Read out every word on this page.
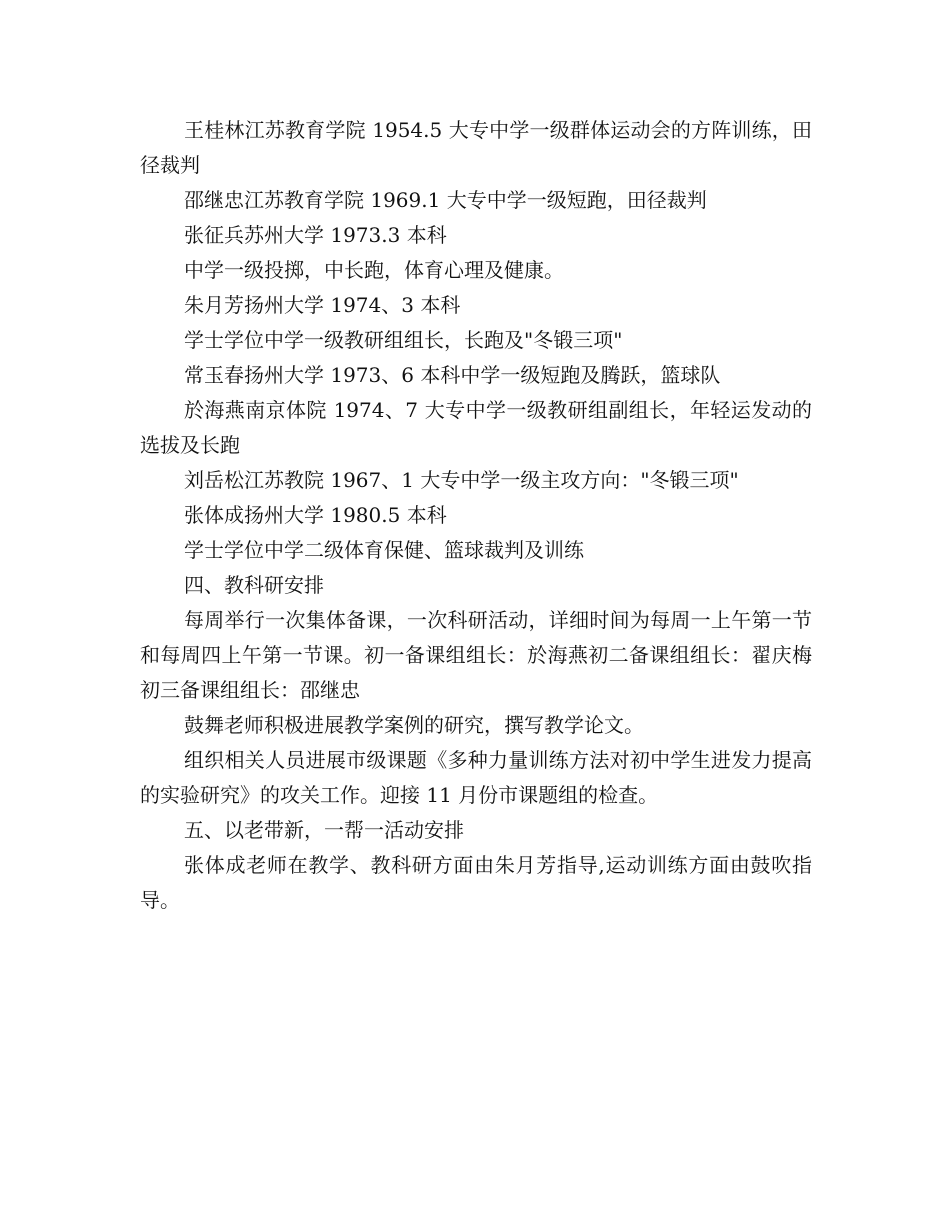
王桂林江苏教育学院 1954.5 大专中学一级群体运动会的方阵训练，田径裁判

邵继忠江苏教育学院 1969.1 大专中学一级短跑，田径裁判

张征兵苏州大学 1973.3 本科

中学一级投掷，中长跑，体育心理及健康。

朱月芳扬州大学 1974、3 本科

学士学位中学一级教研组组长，长跑及"冬锻三项"

常玉春扬州大学 1973、6 本科中学一级短跑及腾跃，篮球队

於海燕南京体院 1974、7 大专中学一级教研组副组长，年轻运发动的选拔及长跑

刘岳松江苏教院 1967、1 大专中学一级主攻方向："冬锻三项"

张体成扬州大学 1980.5 本科

学士学位中学二级体育保健、篮球裁判及训练

四、教科研安排

每周举行一次集体备课，一次科研活动，详细时间为每周一上午第一节和每周四上午第一节课。初一备课组组长：於海燕初二备课组组长：翟庆梅初三备课组组长：邵继忠

鼓舞老师积极进展教学案例的研究，撰写教学论文。

组织相关人员进展市级课题《多种力量训练方法对初中学生进发力提高的实验研究》的攻关工作。迎接 11 月份市课题组的检查。

五、以老带新，一帮一活动安排

张体成老师在教学、教科研方面由朱月芳指导,运动训练方面由鼓吹指导。
